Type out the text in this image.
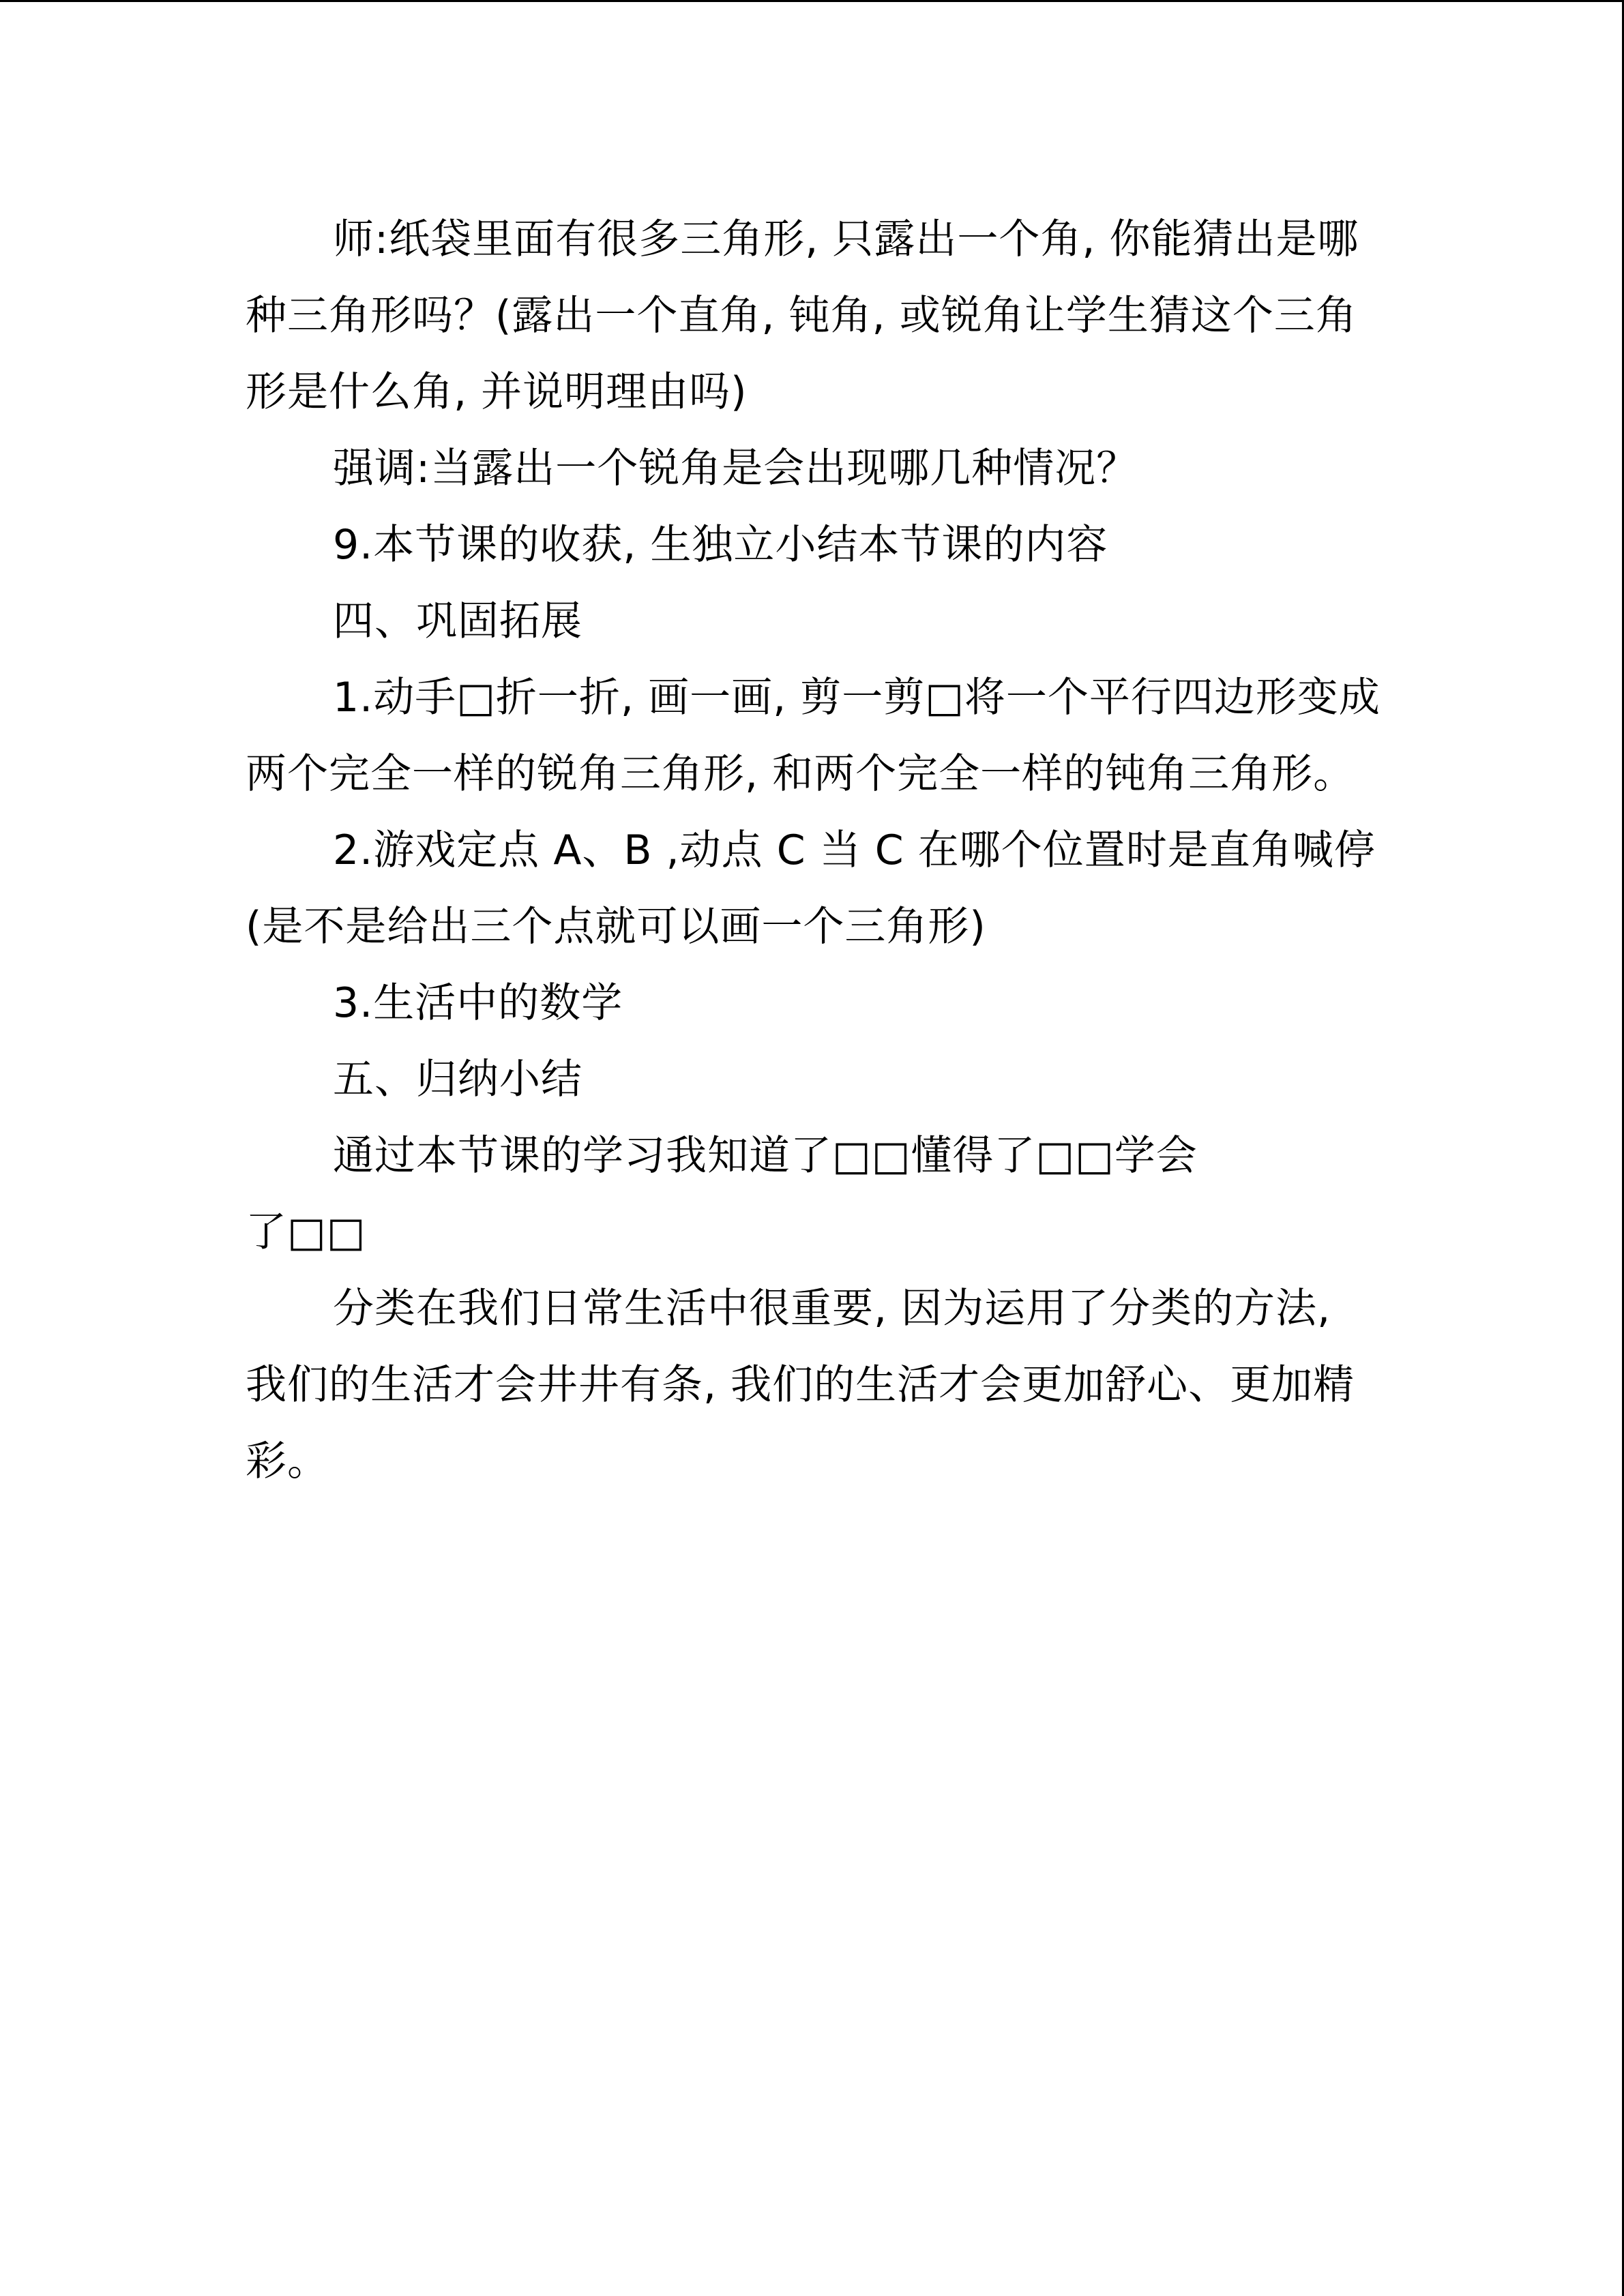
师:纸袋里面有很多三角形, 只露出一个角, 你能猜出是哪种三角形吗？(露出一个直角, 钝角, 或锐角让学生猜这个三角形是什么角, 并说明理由吗)

强调:当露出一个锐角是会出现哪几种情况？

9.本节课的收获, 生独立小结本节课的内容

四、巩固拓展

1.动手□折一折, 画一画, 剪一剪□将一个平行四边形变成两个完全一样的锐角三角形, 和两个完全一样的钝角三角形。

2.游戏定点 A、B ,动点 C 当 C 在哪个位置时是直角喊停(是不是给出三个点就可以画一个三角形)

3.生活中的数学

五、归纳小结

通过本节课的学习我知道了□□懂得了□□学会

了□□

分类在我们日常生活中很重要, 因为运用了分类的方法, 我们的生活才会井井有条, 我们的生活才会更加舒心、更加精彩。
